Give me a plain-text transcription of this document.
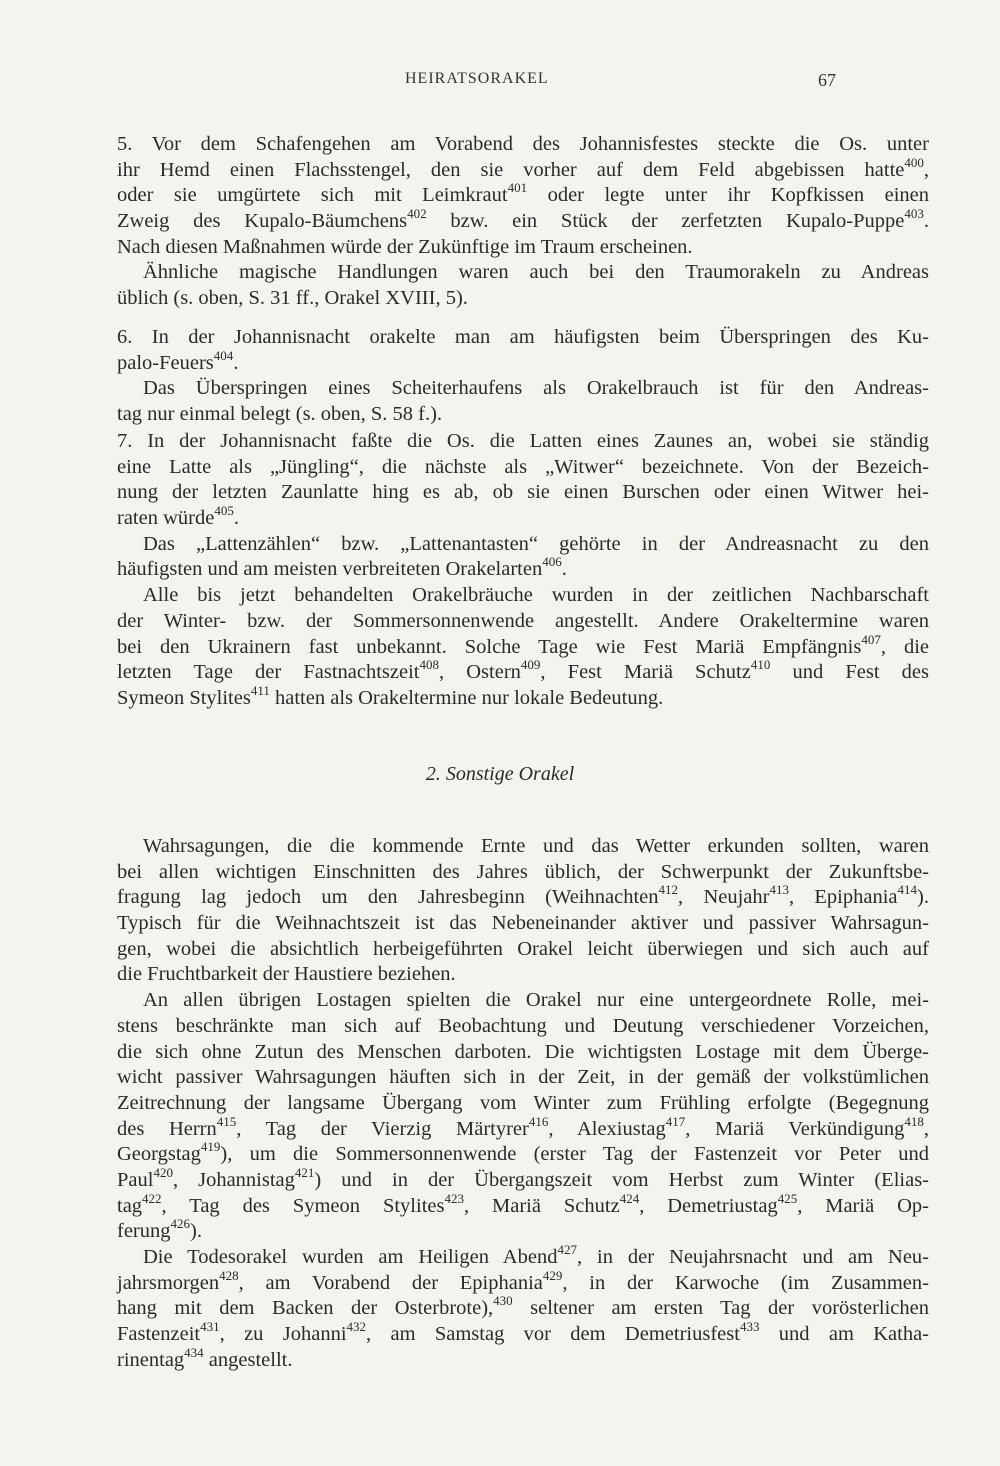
HEIRATSORAKEL	67
5. Vor dem Schafengehen am Vorabend des Johannisfestes steckte die Os. unter
ihr Hemd einen Flachsstengel, den sie vorher auf dem Feld abgebissen hatte$^{400}$,
oder sie umgürtete sich mit Leimkraut$^{401}$ oder legte unter ihr Kopfkissen einen
Zweig des Kupalo-Bäumchens$^{402}$ bzw. ein Stück der zerfetzten Kupalo-Puppe$^{403}$.
Nach diesen Maßnahmen würde der Zukünftige im Traum erscheinen.
Ähnliche magische Handlungen waren auch bei den Traumorakeln zu Andreas
üblich (s. oben, S. 31 ff., Orakel XVIII, 5).
6. In der Johannisnacht orakelte man am häufigsten beim Überspringen des Ku-
palo-Feuers$^{404}$.
Das Überspringen eines Scheiterhaufens als Orakelbrauch ist für den Andreas-
tag nur einmal belegt (s. oben, S. 58 f.).
7. In der Johannisnacht faßte die Os. die Latten eines Zaunes an, wobei sie ständig
eine Latte als „Jüngling“, die nächste als „Witwer“ bezeichnete. Von der Bezeich-
nung der letzten Zaunlatte hing es ab, ob sie einen Burschen oder einen Witwer hei-
raten würde$^{405}$.
Das „Lattenzählen“ bzw. „Lattenantasten“ gehörte in der Andreasnacht zu den
häufigsten und am meisten verbreiteten Orakelarten$^{406}$.
Alle bis jetzt behandelten Orakelbräuche wurden in der zeitlichen Nachbarschaft
der Winter- bzw. der Sommersonnenwende angestellt. Andere Orakeltermine waren
bei den Ukrainern fast unbekannt. Solche Tage wie Fest Mariä Empfängnis$^{407}$, die
letzten Tage der Fastnachtszeit$^{408}$, Ostern$^{409}$, Fest Mariä Schutz$^{410}$ und Fest des
Symeon Stylites$^{411}$ hatten als Orakeltermine nur lokale Bedeutung.
2. Sonstige Orakel
Wahrsagungen, die die kommende Ernte und das Wetter erkunden sollten, waren
bei allen wichtigen Einschnitten des Jahres üblich, der Schwerpunkt der Zukunftsbe-
fragung lag jedoch um den Jahresbeginn (Weihnachten$^{412}$, Neujahr$^{413}$, Epiphania$^{414}$).
Typisch für die Weihnachtszeit ist das Nebeneinander aktiver und passiver Wahrsagun-
gen, wobei die absichtlich herbeigeführten Orakel leicht überwiegen und sich auch auf
die Fruchtbarkeit der Haustiere beziehen.
An allen übrigen Lostagen spielten die Orakel nur eine untergeordnete Rolle, mei-
stens beschränkte man sich auf Beobachtung und Deutung verschiedener Vorzeichen,
die sich ohne Zutun des Menschen darboten. Die wichtigsten Lostage mit dem Überge-
wicht passiver Wahrsagungen häuften sich in der Zeit, in der gemäß der volkstümlichen
Zeitrechnung der langsame Übergang vom Winter zum Frühling erfolgte (Begegnung
des Herrn$^{415}$, Tag der Vierzig Märtyrer$^{416}$, Alexiustag$^{417}$, Mariä Verkündigung$^{418}$,
Georgstag$^{419}$), um die Sommersonnenwende (erster Tag der Fastenzeit vor Peter und
Paul$^{420}$, Johannistag$^{421}$) und in der Übergangszeit vom Herbst zum Winter (Elias-
tag$^{422}$, Tag des Symeon Stylites$^{423}$, Mariä Schutz$^{424}$, Demetriustag$^{425}$, Mariä Op-
ferung$^{426}$).
Die Todesorakel wurden am Heiligen Abend$^{427}$, in der Neujahrsnacht und am Neu-
jahrsmorgen$^{428}$, am Vorabend der Epiphania$^{429}$, in der Karwoche (im Zusammen-
hang mit dem Backen der Osterbrote),$^{430}$ seltener am ersten Tag der vorösterlichen
Fastenzeit$^{431}$, zu Johanni$^{432}$, am Samstag vor dem Demetriusfest$^{433}$ und am Katha-
rinentag$^{434}$ angestellt.
